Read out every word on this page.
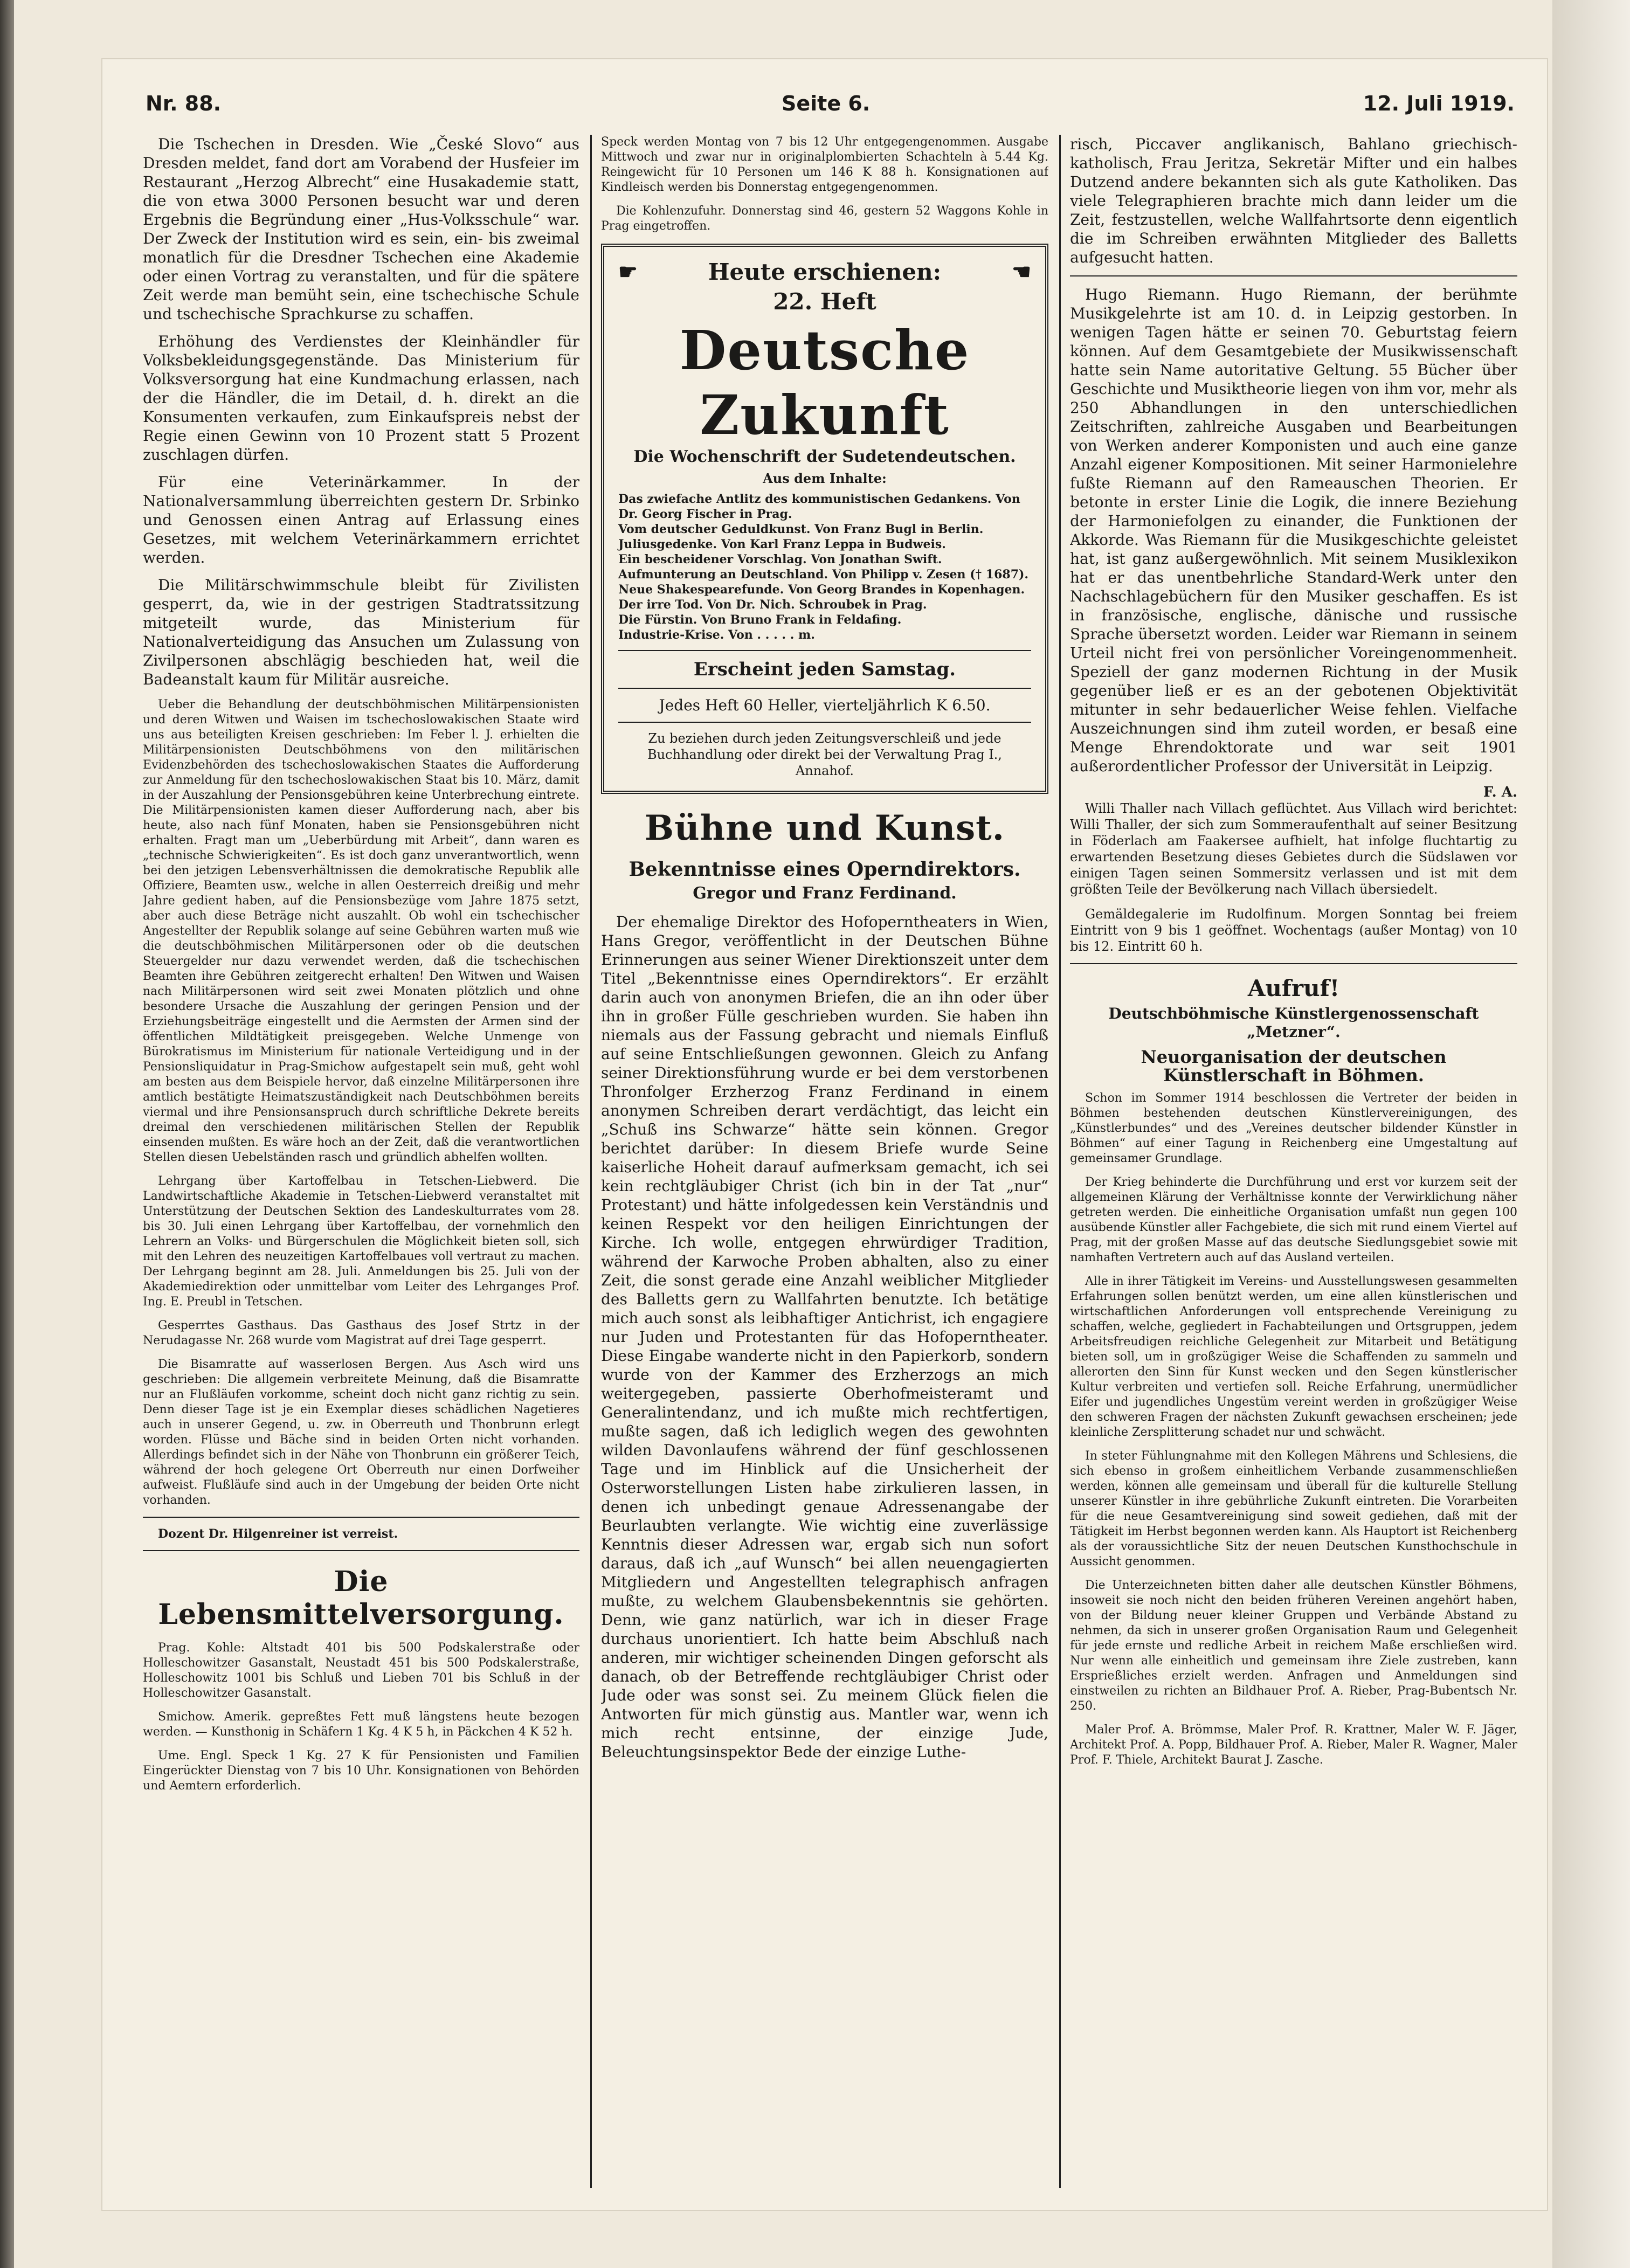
Nr. 88.	Seite 6.	12. Juli 1919.

Die Tschechen in Dresden. Wie „České Slovo“ aus Dresden meldet, fand dort am Vorabend der Husfeier im Restaurant „Herzog Albrecht“ eine Husakademie statt, die von etwa 3000 Personen besucht war und deren Ergebnis die Begründung einer „Hus-Volksschule“ war. Der Zweck der Institution wird es sein, ein- bis zweimal monatlich für die Dresdner Tschechen eine Akademie oder einen Vortrag zu veranstalten, und für die spätere Zeit werde man bemüht sein, eine tschechische Schule und tschechische Sprachkurse zu schaffen.

Erhöhung des Verdienstes der Kleinhändler für Volksbekleidungsgegenstände. Das Ministerium für Volksversorgung hat eine Kundmachung erlassen, nach der die Händler, die im Detail, d. h. direkt an die Konsumenten verkaufen, zum Einkaufspreis nebst der Regie einen Gewinn von 10 Prozent statt 5 Prozent zuschlagen dürfen.

Für eine Veterinärkammer. In der Nationalversammlung überreichten gestern Dr. Srbinko und Genossen einen Antrag auf Erlassung eines Gesetzes, mit welchem Veterinärkammern errichtet werden.

Die Militärschwimmschule bleibt für Zivilisten gesperrt, da, wie in der gestrigen Stadtratssitzung mitgeteilt wurde, das Ministerium für Nationalverteidigung das Ansuchen um Zulassung von Zivilpersonen abschlägig beschieden hat, weil die Badeanstalt kaum für Militär ausreiche.

Ueber die Behandlung der deutschböhmischen Militärpensionisten und deren Witwen und Waisen im tschechoslowakischen Staate wird uns aus beteiligten Kreisen geschrieben: Im Feber l. J. erhielten die Militärpensionisten Deutschböhmens von den militärischen Evidenzbehörden des tschechoslowakischen Staates die Aufforderung zur Anmeldung für den tschechoslowakischen Staat bis 10. März, damit in der Auszahlung der Pensionsgebühren keine Unterbrechung eintrete. Die Militärpensionisten kamen dieser Aufforderung nach, aber bis heute, also nach fünf Monaten, haben sie Pensionsgebühren nicht erhalten. Fragt man um „Ueberbürdung mit Arbeit“, dann waren es „technische Schwierigkeiten“. Es ist doch ganz unverantwortlich, wenn bei den jetzigen Lebensverhältnissen die demokratische Republik alle Offiziere, Beamten usw., welche in allen Oesterreich dreißig und mehr Jahre gedient haben, auf die Pensionsbezüge vom Jahre 1875 setzt, aber auch diese Beträge nicht auszahlt. Ob wohl ein tschechischer Angestellter der Republik solange auf seine Gebühren warten muß wie die deutschböhmischen Militärpersonen oder ob die deutschen Steuergelder nur dazu verwendet werden, daß die tschechischen Beamten ihre Gebühren zeitgerecht erhalten! Den Witwen und Waisen nach Militärpersonen wird seit zwei Monaten plötzlich und ohne besondere Ursache die Auszahlung der geringen Pension und der Erziehungsbeiträge eingestellt und die Aermsten der Armen sind der öffentlichen Mildtätigkeit preisgegeben. Welche Unmenge von Bürokratismus im Ministerium für nationale Verteidigung und in der Pensionsliquidatur in Prag-Smichow aufgestapelt sein muß, geht wohl am besten aus dem Beispiele hervor, daß einzelne Militärpersonen ihre amtlich bestätigte Heimatszuständigkeit nach Deutschböhmen bereits viermal und ihre Pensionsanspruch durch schriftliche Dekrete bereits dreimal den verschiedenen militärischen Stellen der Republik einsenden mußten. Es wäre hoch an der Zeit, daß die verantwortlichen Stellen diesen Uebelständen rasch und gründlich abhelfen wollten.

Lehrgang über Kartoffelbau in Tetschen-Liebwerd. Die Landwirtschaftliche Akademie in Tetschen-Liebwerd veranstaltet mit Unterstützung der Deutschen Sektion des Landeskulturrates vom 28. bis 30. Juli einen Lehrgang über Kartoffelbau, der vornehmlich den Lehrern an Volks- und Bürgerschulen die Möglichkeit bieten soll, sich mit den Lehren des neuzeitigen Kartoffelbaues voll vertraut zu machen. Der Lehrgang beginnt am 28. Juli. Anmeldungen bis 25. Juli von der Akademiedirektion oder unmittelbar vom Leiter des Lehrganges Prof. Ing. E. Preubl in Tetschen.

Gesperrtes Gasthaus. Das Gasthaus des Josef Strtz in der Nerudagasse Nr. 268 wurde vom Magistrat auf drei Tage gesperrt.

Die Bisamratte auf wasserlosen Bergen. Aus Asch wird uns geschrieben: Die allgemein verbreitete Meinung, daß die Bisamratte nur an Flußläufen vorkomme, scheint doch nicht ganz richtig zu sein. Denn dieser Tage ist je ein Exemplar dieses schädlichen Nagetieres auch in unserer Gegend, u. zw. in Oberreuth und Thonbrunn erlegt worden. Flüsse und Bäche sind in beiden Orten nicht vorhanden. Allerdings befindet sich in der Nähe von Thonbrunn ein größerer Teich, während der hoch gelegene Ort Oberreuth nur einen Dorfweiher aufweist. Flußläufe sind auch in der Umgebung der beiden Orte nicht vorhanden.

Dozent Dr. Hilgenreiner ist verreist.

Die Lebensmittelversorgung.

Prag. Kohle: Altstadt 401 bis 500 Podskalerstraße oder Holleschowitzer Gasanstalt, Neustadt 451 bis 500 Podskalerstraße, Holleschowitz 1001 bis Schluß und Lieben 701 bis Schluß in der Holleschowitzer Gasanstalt.

Smichow. Amerik. gepreßtes Fett muß längstens heute bezogen werden. — Kunsthonig in Schäfern 1 Kg. 4 K 5 h, in Päckchen 4 K 52 h.

Ume. Engl. Speck 1 Kg. 27 K für Pensionisten und Familien Eingerückter Dienstag von 7 bis 10 Uhr. Konsignationen von Behörden und Aemtern erforderlich.

Speck werden Montag von 7 bis 12 Uhr entgegengenommen. Ausgabe Mittwoch und zwar nur in originalplombierten Schachteln à 5.44 Kg. Reingewicht für 10 Personen um 146 K 88 h. Konsignationen auf Kindleisch werden bis Donnerstag entgegengenommen.

Die Kohlenzufuhr. Donnerstag sind 46, gestern 52 Waggons Kohle in Prag eingetroffen.

☛	Heute erschienen:	☚
22. Heft
Deutsche Zukunft
Die Wochenschrift der Sudetendeutschen.
Aus dem Inhalte:
Das zwiefache Antlitz des kommunistischen Gedankens. Von Dr. Georg Fischer in Prag.
Vom deutscher Geduldkunst. Von Franz Bugl in Berlin.
Juliusgedenke. Von Karl Franz Leppa in Budweis.
Ein bescheidener Vorschlag. Von Jonathan Swift.
Aufmunterung an Deutschland. Von Philipp v. Zesen († 1687).
Neue Shakespearefunde. Von Georg Brandes in Kopenhagen.
Der irre Tod. Von Dr. Nich. Schroubek in Prag.
Die Fürstin. Von Bruno Frank in Feldafing.
Industrie-Krise. Von . . . . . m.
Erscheint jeden Samstag.
Jedes Heft 60 Heller, vierteljährlich K 6.50.
Zu beziehen durch jeden Zeitungsverschleiß und jede Buchhandlung oder direkt bei der Verwaltung Prag I., Annahof.
Bühne und Kunst.
Bekenntnisse eines Operndirektors.
Gregor und Franz Ferdinand.

Der ehemalige Direktor des Hofoperntheaters in Wien, Hans Gregor, veröffentlicht in der Deutschen Bühne Erinnerungen aus seiner Wiener Direktionszeit unter dem Titel „Bekenntnisse eines Operndirektors“. Er erzählt darin auch von anonymen Briefen, die an ihn oder über ihn in großer Fülle geschrieben wurden. Sie haben ihn niemals aus der Fassung gebracht und niemals Einfluß auf seine Entschließungen gewonnen. Gleich zu Anfang seiner Direktionsführung wurde er bei dem verstorbenen Thronfolger Erzherzog Franz Ferdinand in einem anonymen Schreiben derart verdächtigt, das leicht ein „Schuß ins Schwarze“ hätte sein können. Gregor berichtet darüber: In diesem Briefe wurde Seine kaiserliche Hoheit darauf aufmerksam gemacht, ich sei kein rechtgläubiger Christ (ich bin in der Tat „nur“ Protestant) und hätte infolgedessen kein Verständnis und keinen Respekt vor den heiligen Einrichtungen der Kirche. Ich wolle, entgegen ehrwürdiger Tradition, während der Karwoche Proben abhalten, also zu einer Zeit, die sonst gerade eine Anzahl weiblicher Mitglieder des Balletts gern zu Wallfahrten benutzte. Ich betätige mich auch sonst als leibhaftiger Antichrist, ich engagiere nur Juden und Protestanten für das Hofoperntheater. Diese Eingabe wanderte nicht in den Papierkorb, sondern wurde von der Kammer des Erzherzogs an mich weitergegeben, passierte Oberhofmeisteramt und Generalintendanz, und ich mußte mich rechtfertigen, mußte sagen, daß ich lediglich wegen des gewohnten wilden Davonlaufens während der fünf geschlossenen Tage und im Hinblick auf die Unsicherheit der Osterworstellungen Listen habe zirkulieren lassen, in denen ich unbedingt genaue Adressenangabe der Beurlaubten verlangte. Wie wichtig eine zuverlässige Kenntnis dieser Adressen war, ergab sich nun sofort daraus, daß ich „auf Wunsch“ bei allen neuengagierten Mitgliedern und Angestellten telegraphisch anfragen mußte, zu welchem Glaubensbekenntnis sie gehörten. Denn, wie ganz natürlich, war ich in dieser Frage durchaus unorientiert. Ich hatte beim Abschluß nach anderen, mir wichtiger scheinenden Dingen geforscht als danach, ob der Betreffende rechtgläubiger Christ oder Jude oder was sonst sei. Zu meinem Glück fielen die Antworten für mich günstig aus. Mantler war, wenn ich mich recht entsinne, der einzige Jude, Beleuchtungsinspektor Bede der einzige Luthe-

risch, Piccaver anglikanisch, Bahlano griechisch-katholisch, Frau Jeritza, Sekretär Mifter und ein halbes Dutzend andere bekannten sich als gute Katholiken. Das viele Telegraphieren brachte mich dann leider um die Zeit, festzustellen, welche Wallfahrtsorte denn eigentlich die im Schreiben erwähnten Mitglieder des Balletts aufgesucht hatten.

Hugo Riemann. Hugo Riemann, der berühmte Musikgelehrte ist am 10. d. in Leipzig gestorben. In wenigen Tagen hätte er seinen 70. Geburtstag feiern können. Auf dem Gesamtgebiete der Musikwissenschaft hatte sein Name autoritative Geltung. 55 Bücher über Geschichte und Musiktheorie liegen von ihm vor, mehr als 250 Abhandlungen in den unterschiedlichen Zeitschriften, zahlreiche Ausgaben und Bearbeitungen von Werken anderer Komponisten und auch eine ganze Anzahl eigener Kompositionen. Mit seiner Harmonielehre fußte Riemann auf den Rameauschen Theorien. Er betonte in erster Linie die Logik, die innere Beziehung der Harmoniefolgen zu einander, die Funktionen der Akkorde. Was Riemann für die Musikgeschichte geleistet hat, ist ganz außergewöhnlich. Mit seinem Musiklexikon hat er das unentbehrliche Standard-Werk unter den Nachschlagebüchern für den Musiker geschaffen. Es ist in französische, englische, dänische und russische Sprache übersetzt worden. Leider war Riemann in seinem Urteil nicht frei von persönlicher Voreingenommenheit. Speziell der ganz modernen Richtung in der Musik gegenüber ließ er es an der gebotenen Objektivität mitunter in sehr bedauerlicher Weise fehlen. Vielfache Auszeichnungen sind ihm zuteil worden, er besaß eine Menge Ehrendoktorate und war seit 1901 außerordentlicher Professor der Universität in Leipzig.

F. A.

Willi Thaller nach Villach geflüchtet. Aus Villach wird berichtet: Willi Thaller, der sich zum Sommeraufenthalt auf seiner Besitzung in Föderlach am Faakersee aufhielt, hat infolge fluchtartig zu erwartenden Besetzung dieses Gebietes durch die Südslawen vor einigen Tagen seinen Sommersitz verlassen und ist mit dem größten Teile der Bevölkerung nach Villach übersiedelt.

Gemäldegalerie im Rudolfinum. Morgen Sonntag bei freiem Eintritt von 9 bis 1 geöffnet. Wochentags (außer Montag) von 10 bis 12. Eintritt 60 h.

Aufruf!
Deutschböhmische Künstlergenossenschaft „Metzner“.
Neuorganisation der deutschen Künstlerschaft in Böhmen.

Schon im Sommer 1914 beschlossen die Vertreter der beiden in Böhmen bestehenden deutschen Künstlervereinigungen, des „Künstlerbundes“ und des „Vereines deutscher bildender Künstler in Böhmen“ auf einer Tagung in Reichenberg eine Umgestaltung auf gemeinsamer Grundlage.

Der Krieg behinderte die Durchführung und erst vor kurzem seit der allgemeinen Klärung der Verhältnisse konnte der Verwirklichung näher getreten werden. Die einheitliche Organisation umfaßt nun gegen 100 ausübende Künstler aller Fachgebiete, die sich mit rund einem Viertel auf Prag, mit der großen Masse auf das deutsche Siedlungsgebiet sowie mit namhaften Vertretern auch auf das Ausland verteilen.

Alle in ihrer Tätigkeit im Vereins- und Ausstellungswesen gesammelten Erfahrungen sollen benützt werden, um eine allen künstlerischen und wirtschaftlichen Anforderungen voll entsprechende Vereinigung zu schaffen, welche, gegliedert in Fachabteilungen und Ortsgruppen, jedem Arbeitsfreudigen reichliche Gelegenheit zur Mitarbeit und Betätigung bieten soll, um in großzügiger Weise die Schaffenden zu sammeln und allerorten den Sinn für Kunst wecken und den Segen künstlerischer Kultur verbreiten und vertiefen soll. Reiche Erfahrung, unermüdlicher Eifer und jugendliches Ungestüm vereint werden in großzügiger Weise den schweren Fragen der nächsten Zukunft gewachsen erscheinen; jede kleinliche Zersplitterung schadet nur und schwächt.

In steter Fühlungnahme mit den Kollegen Mährens und Schlesiens, die sich ebenso in großem einheitlichem Verbande zusammenschließen werden, können alle gemeinsam und überall für die kulturelle Stellung unserer Künstler in ihre gebührliche Zukunft eintreten. Die Vorarbeiten für die neue Gesamtvereinigung sind soweit gediehen, daß mit der Tätigkeit im Herbst begonnen werden kann. Als Hauptort ist Reichenberg als der voraussichtliche Sitz der neuen Deutschen Kunsthochschule in Aussicht genommen.

Die Unterzeichneten bitten daher alle deutschen Künstler Böhmens, insoweit sie noch nicht den beiden früheren Vereinen angehört haben, von der Bildung neuer kleiner Gruppen und Verbände Abstand zu nehmen, da sich in unserer großen Organisation Raum und Gelegenheit für jede ernste und redliche Arbeit in reichem Maße erschließen wird. Nur wenn alle einheitlich und gemeinsam ihre Ziele zustreben, kann Ersprießliches erzielt werden. Anfragen und Anmeldungen sind einstweilen zu richten an Bildhauer Prof. A. Rieber, Prag-Bubentsch Nr. 250.

Maler Prof. A. Brömmse, Maler Prof. R. Krattner, Maler W. F. Jäger, Architekt Prof. A. Popp, Bildhauer Prof. A. Rieber, Maler R. Wagner, Maler Prof. F. Thiele, Architekt Baurat J. Zasche.
